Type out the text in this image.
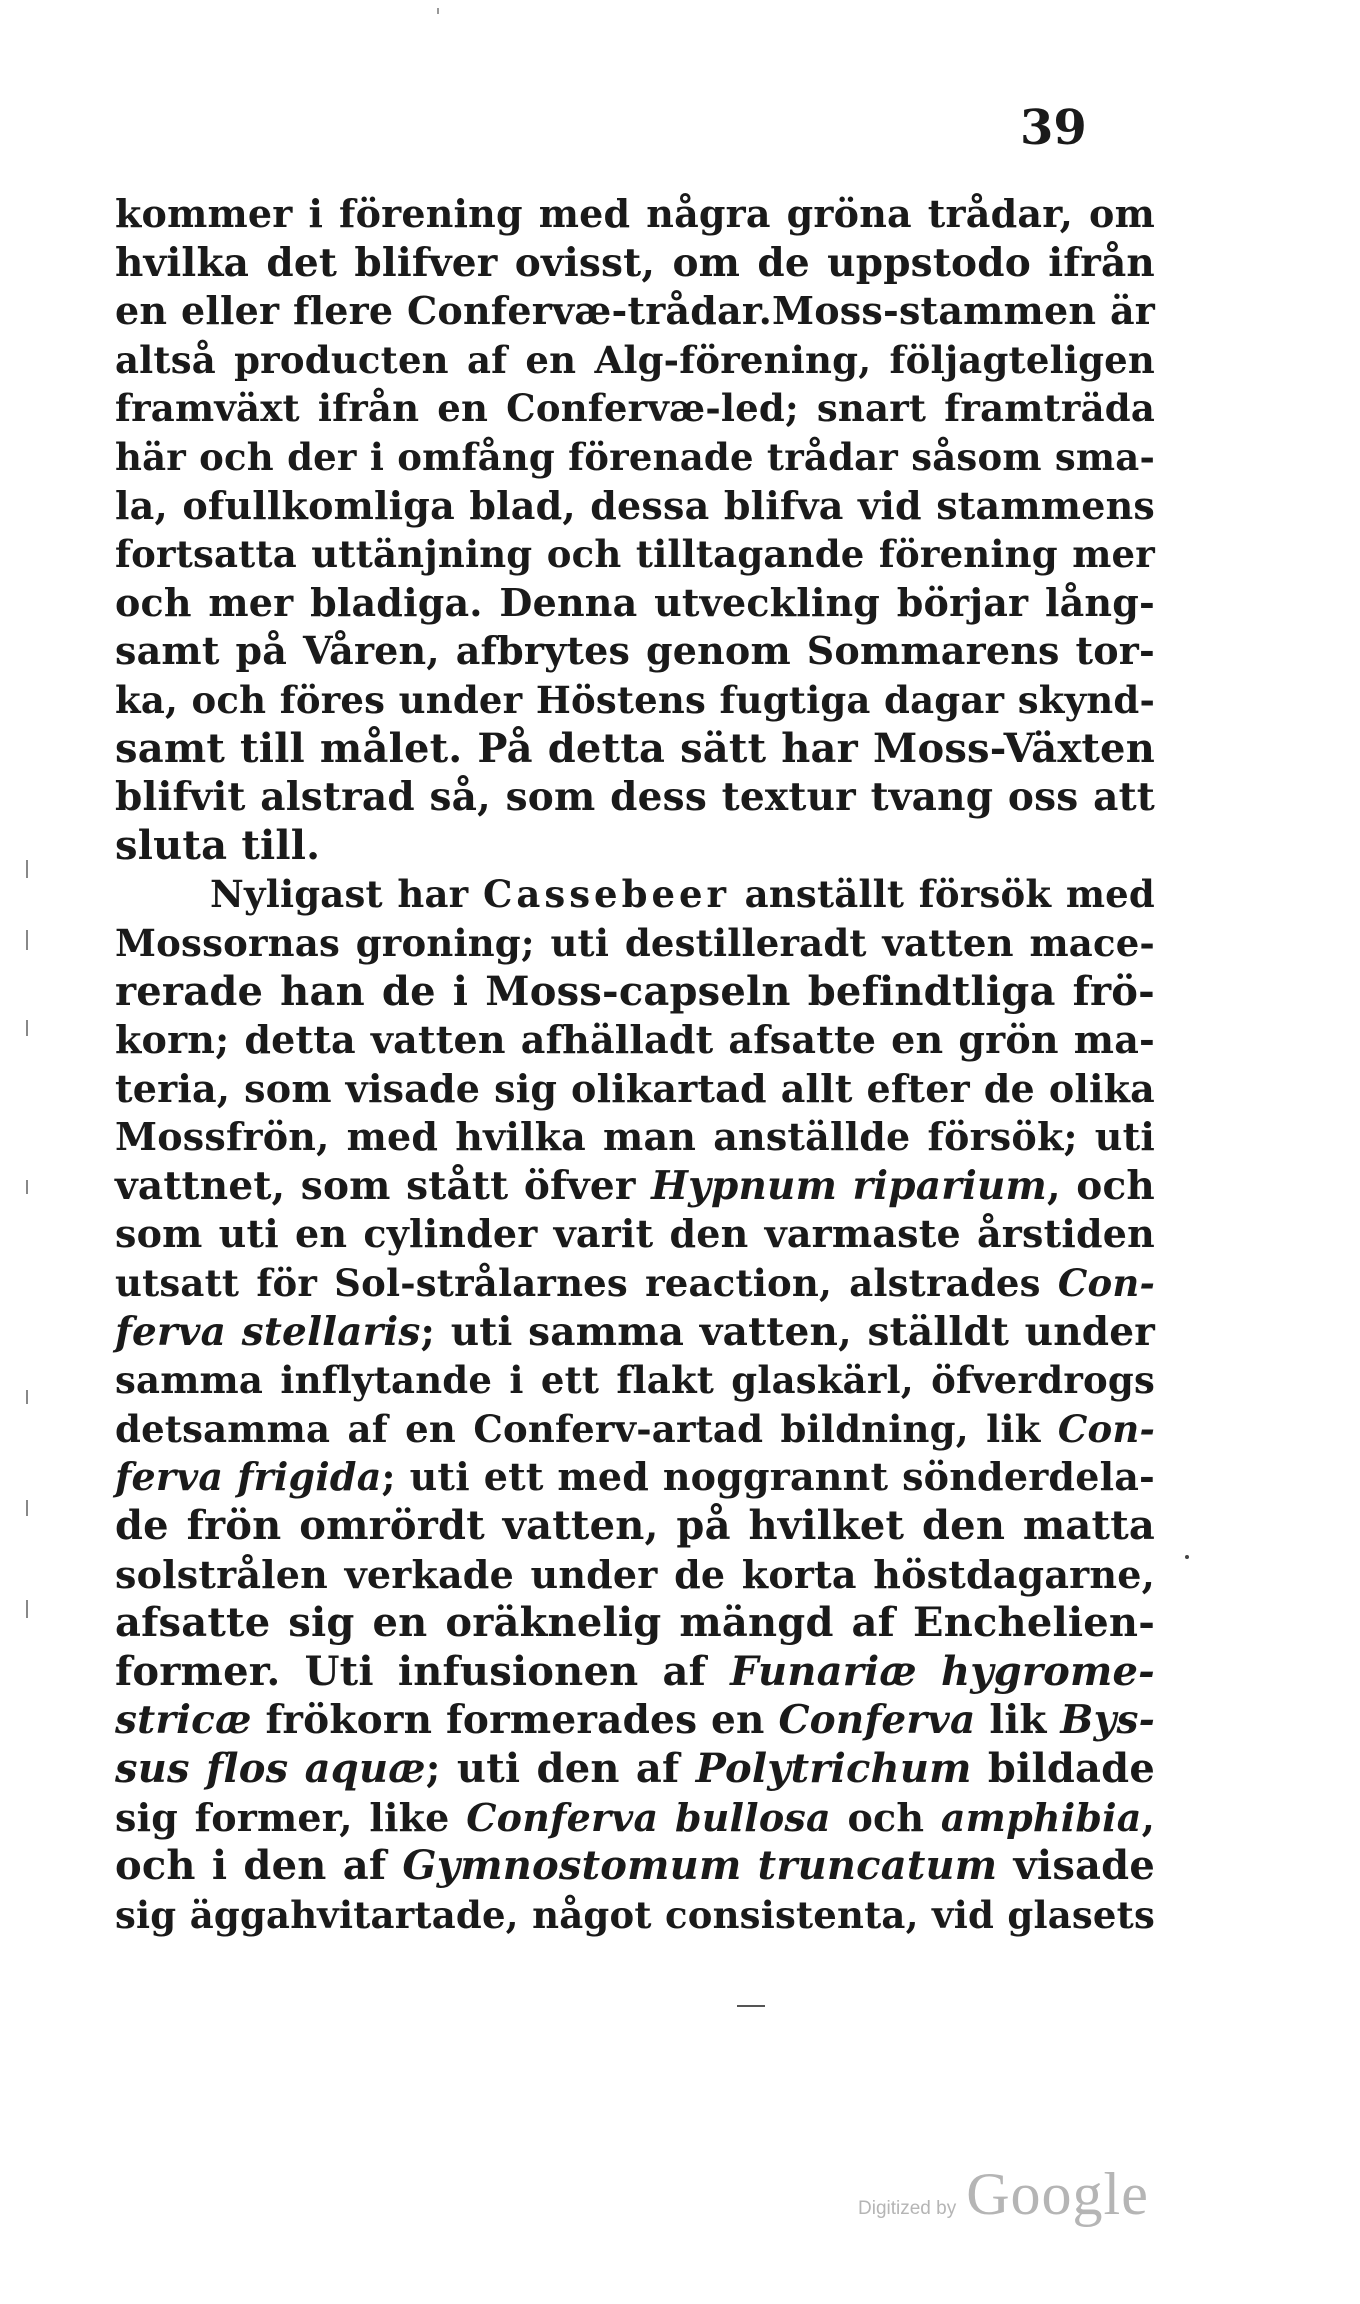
39
kommer i förening med några gröna trådar, om
hvilka det blifver ovisst, om de uppstodo ifrån
en eller flere Confervæ-trådar.Moss-stammen är
altså producten af en Alg-förening, följagteligen
framväxt ifrån en Confervæ-led; snart framträda
här och der i omfång förenade trådar såsom sma-
la, ofullkomliga blad, dessa blifva vid stammens
fortsatta uttänjning och tilltagande förening mer
och mer bladiga. Denna utveckling börjar lång-
samt på Våren, afbrytes genom Sommarens tor-
ka, och föres under Höstens fugtiga dagar skynd-
samt till målet. På detta sätt har Moss-Växten
blifvit alstrad så, som dess textur tvang oss att
sluta till.
Nyligast har Cassebeer anställt försök med
Mossornas groning; uti destilleradt vatten mace-
rerade han de i Moss-capseln befindtliga frö-
korn; detta vatten afhälladt afsatte en grön ma-
teria, som visade sig olikartad allt efter de olika
Mossfrön, med hvilka man anställde försök; uti
vattnet, som stått öfver Hypnum riparium, och
som uti en cylinder varit den varmaste årstiden
utsatt för Sol-strålarnes reaction, alstrades Con-
ferva stellaris; uti samma vatten, ställdt under
samma inflytande i ett flakt glaskärl, öfverdrogs
detsamma af en Conferv-artad bildning, lik Con-
ferva frigida; uti ett med noggrannt sönderdela-
de frön omrördt vatten, på hvilket den matta
solstrålen verkade under de korta höstdagarne,
afsatte sig en oräknelig mängd af Enchelien-
former. Uti infusionen af Funariæ hygrome-
stricæ frökorn formerades en Conferva lik Bys-
sus flos aquæ; uti den af Polytrichum bildade
sig former, like Conferva bullosa och amphibia,
och i den af Gymnostomum truncatum visade
sig äggahvitartade, något consistenta, vid glasets
Digitized by Google
